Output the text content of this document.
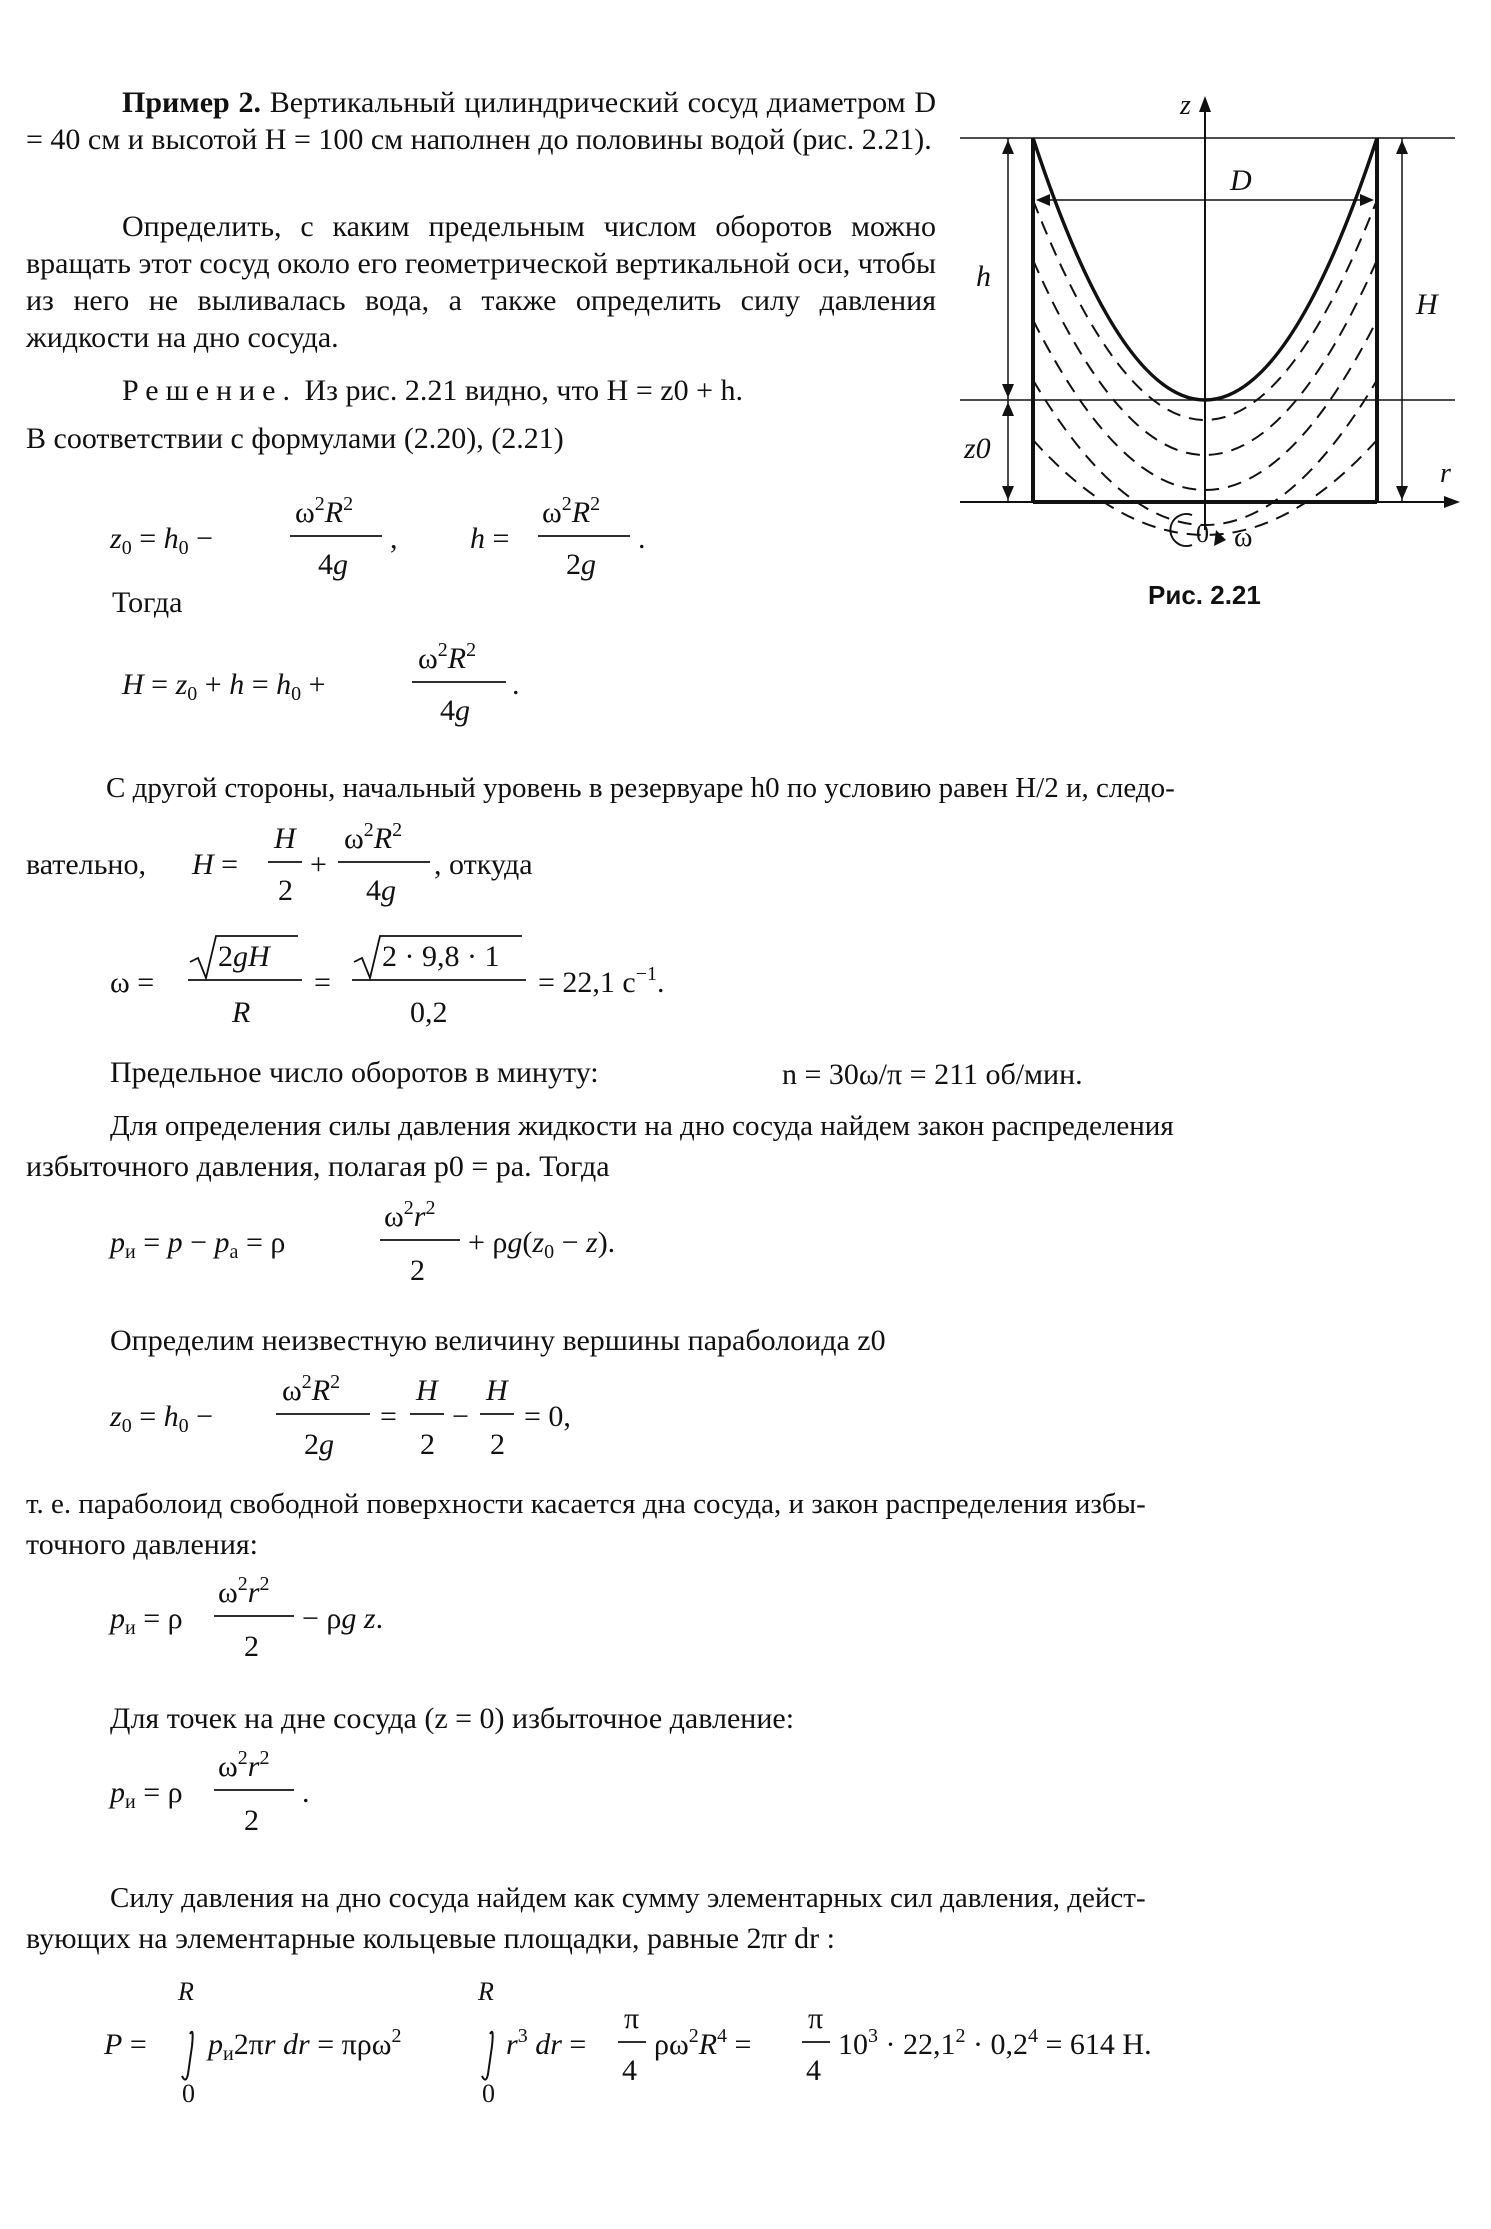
Пример 2. Вертикальный цилиндрический сосуд диаметром D = 40 см и высотой H = 100 см наполнен до половины водой (рис. 2.21).

Определить, с каким предельным числом оборотов можно вращать этот сосуд около его геометрической вертикальной оси, чтобы из него не выливалась вода, а также определить силу давления жидкости на дно сосуда.

Решение. Из рис. 2.21 видно, что H = z0 + h.

В соответствии с формулами (2.20), (2.21)

z
r
D
h
z0
H
0 ω
Рис. 2.21
$z_0 = h_0$ −
$\omega^2R^2$
4g
, h =
$\omega^2R^2$
2g
.

Тогда

$H = z_0 + h = h_0$ +
$\omega^2R^2$
4g
.

С другой стороны, начальный уровень в резервуаре h0 по условию равен H/2 и, следо-

вательно, H =
H
2
+
$\omega^2R^2$
4g
, откуда
ω =
2gH
R
=
2 · 9,8 · 1
0,2
= 22,1 $с^{-1}$.

Предельное число оборотов в минуту:	n = 30ω/π = 211 об/мин.

Для определения силы давления жидкости на дно сосуда найдем закон распределения

избыточного давления, полагая p0 = pа. Тогда

$p_и = p - p_а = \rho$
$\omega^2r^2$
2
+ $\rho g(z_0 - z)$.

Определим неизвестную величину вершины параболоида z0

$z_0 = h_0$ −
$\omega^2R^2$
2g
=
H
2
−
H
2
= 0,

т. е. параболоид свободной поверхности касается дна сосуда, и закон распределения избы-

точного давления:

$p_и = \rho$
$\omega^2r^2$
2
− ρg z.

Для точек на дне сосуда (z = 0) избыточное давление:

$p_и = \rho$
$\omega^2r^2$
2
.

Силу давления на дно сосуда найдем как сумму элементарных сил давления, дейст-

вующих на элементарные кольцевые площадки, равные 2πr dr :

P =
R
0
$p_и2\pi r$ dr = πρω$^2$
R
0
$r^3$ dr =
π
4
$\rho\omega^2R^4$ =
π
4
$10^3 \cdot 22,1^2 \cdot 0,2^4 = 614$ Н.
